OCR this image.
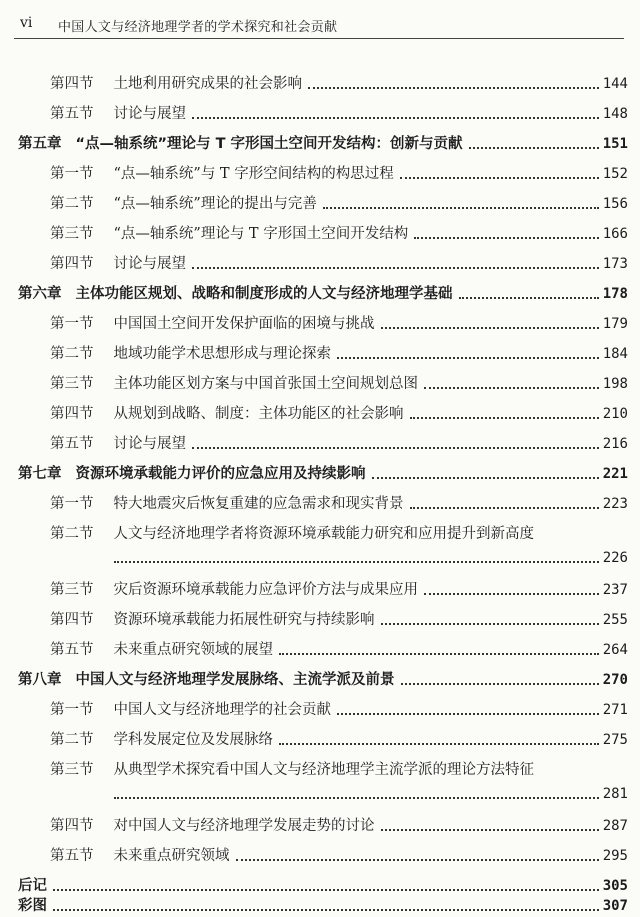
vi 中国人文与经济地理学者的学术探究和社会贡献
第四节 土地利用研究成果的社会影响	144
第五节 讨论与展望	148
第五章 “点—轴系统”理论与 T 字形国土空间开发结构：创新与贡献	151
第一节 “点—轴系统”与 T 字形空间结构的构思过程	152
第二节 “点—轴系统”理论的提出与完善	156
第三节 “点—轴系统”理论与 T 字形国土空间开发结构	166
第四节 讨论与展望	173
第六章 主体功能区规划、战略和制度形成的人文与经济地理学基础	178
第一节 中国国土空间开发保护面临的困境与挑战	179
第二节 地域功能学术思想形成与理论探索	184
第三节 主体功能区划方案与中国首张国土空间规划总图	198
第四节 从规划到战略、制度：主体功能区的社会影响	210
第五节 讨论与展望	216
第七章 资源环境承载能力评价的应急应用及持续影响	221
第一节 特大地震灾后恢复重建的应急需求和现实背景	223
第二节 人文与经济地理学者将资源环境承载能力研究和应用提升到新高度
226
第三节 灾后资源环境承载能力应急评价方法与成果应用	237
第四节 资源环境承载能力拓展性研究与持续影响	255
第五节 未来重点研究领域的展望	264
第八章 中国人文与经济地理学发展脉络、主流学派及前景	270
第一节 中国人文与经济地理学的社会贡献	271
第二节 学科发展定位及发展脉络	275
第三节 从典型学术探究看中国人文与经济地理学主流学派的理论方法特征
281
第四节 对中国人文与经济地理学发展走势的讨论	287
第五节 未来重点研究领域	295
后记	305
彩图	307
